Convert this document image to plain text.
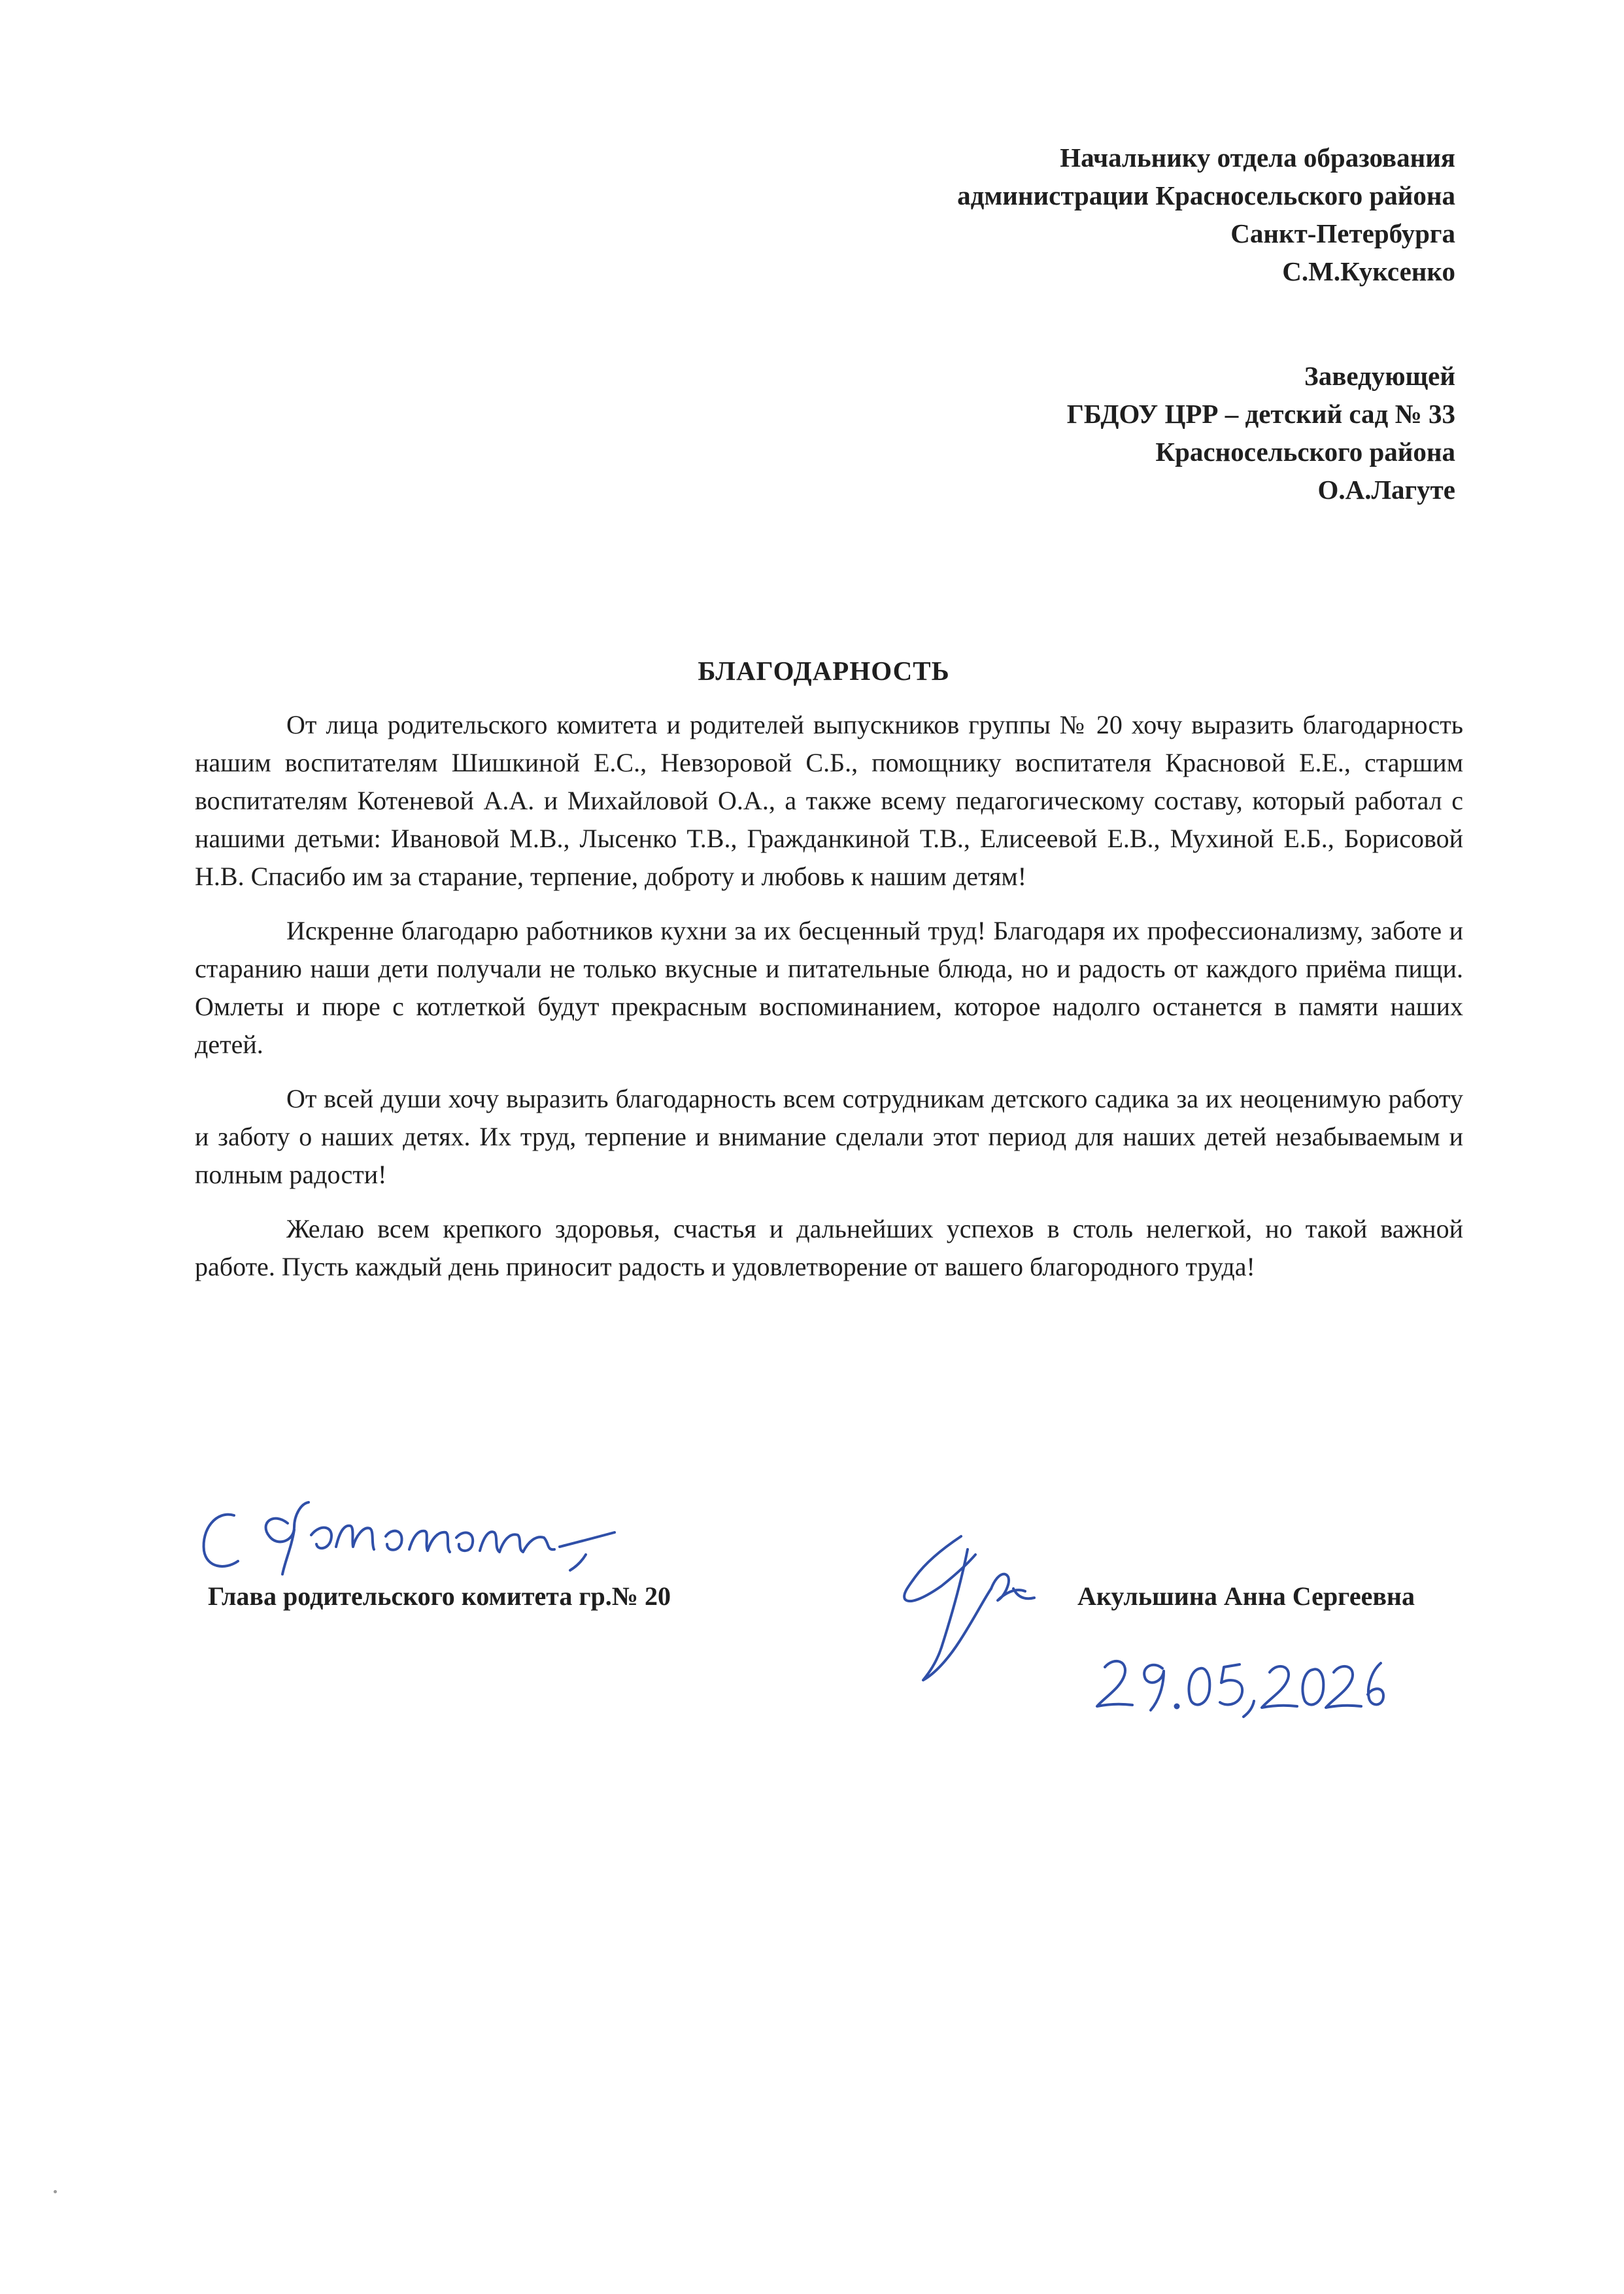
Начальнику отдела образования
администрации Красносельского района
Санкт-Петербурга
С.М.Куксенко
Заведующей
ГБДОУ ЦРР – детский сад № 33
Красносельского района
О.А.Лагуте
БЛАГОДАРНОСТЬ

От лица родительского комитета и родителей выпускников группы № 20 хочу выразить благодарность нашим воспитателям Шишкиной Е.С., Невзоровой С.Б., помощнику воспитателя Красновой Е.Е., старшим воспитателям Котеневой А.А. и Михайловой О.А., а также всему педагогическому составу, который работал с нашими детьми: Ивановой М.В., Лысенко Т.В., Гражданкиной Т.В., Елисеевой Е.В., Мухиной Е.Б., Борисовой Н.В. Спасибо им за старание, терпение, доброту и любовь к нашим детям!

Искренне благодарю работников кухни за их бесценный труд! Благодаря их профессионализму, заботе и старанию наши дети получали не только вкусные и питательные блюда, но и радость от каждого приёма пищи. Омлеты и пюре с котлеткой будут прекрасным воспоминанием, которое надолго останется в памяти наших детей.

От всей души хочу выразить благодарность всем сотрудникам детского садика за их неоценимую работу и заботу о наших детях. Их труд, терпение и внимание сделали этот период для наших детей незабываемым и полным радости!

Желаю всем крепкого здоровья, счастья и дальнейших успехов в столь нелегкой, но такой важной работе. Пусть каждый день приносит радость и удовлетворение от вашего благородного труда!

Глава родительского комитета гр.№ 20	Акульшина Анна Сергеевна
